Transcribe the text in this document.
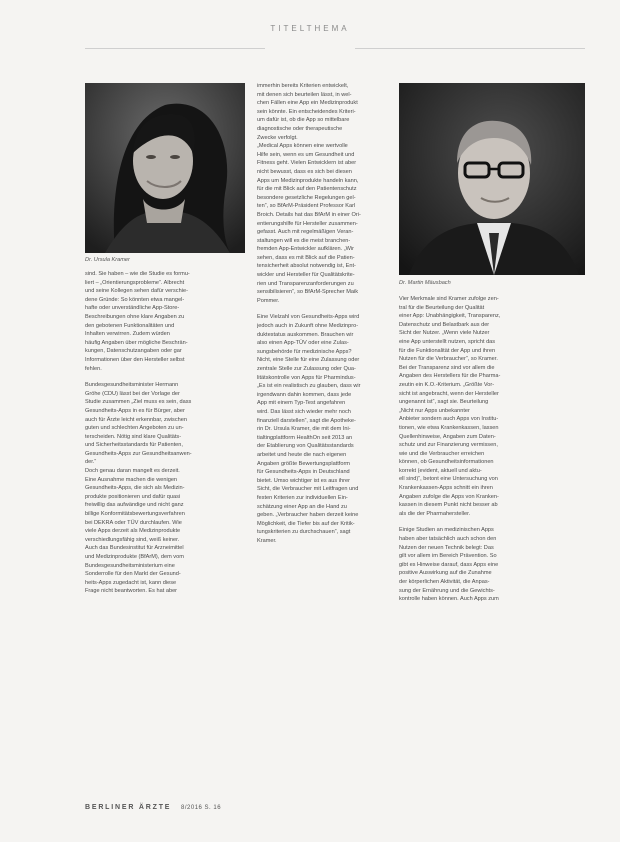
TITELTHEMA
Dr. Ursula Kramer
Dr. Martin Mäusbach

sind. Sie haben – wie die Studie es formu-
liert – „Orientierungsprobleme“. Albrecht
und seine Kollegen sehen dafür verschie-
dene Gründe: So könnten etwa mangel-
hafte oder unverständliche App-Store-
Beschreibungen ohne klare Angaben zu
den gebotenen Funktionalitäten und
Inhalten verwirren. Zudem würden
häufig Angaben über mögliche Beschrän-
kungen, Datenschutzangaben oder gar
Informationen über den Hersteller selbst
fehlen.

Bundesgesundheitsminister Hermann
Gröhe (CDU) lässt bei der Vorlage der
Studie zusammen „Ziel muss es sein, dass
Gesundheits-Apps in es für Bürger, aber
auch für Ärzte leicht erkennbar, zwischen
guten und schlechten Angeboten zu un-
terscheiden. Nötig sind klare Qualitäts-
und Sicherheitsstandards für Patienten,
Gesundheits-Apps zur Gesundheitsanwen-
der.“
Doch genau daran mangelt es derzeit.
Eine Ausnahme machen die wenigen
Gesundheits-Apps, die sich als Medizin-
produkte positionieren und dafür quasi
freiwillig das aufwändige und nicht ganz
billige Konformitätsbewertungsverfahren
bei DEKRA oder TÜV durchlaufen. Wie
viele Apps derzeit als Medizinprodukte
verschiedlungsfähig sind, weiß keiner.
Auch das Bundesinstitut für Arzneimittel
und Medizinprodukte (BfArM), dem vom
Bundesgesundheitsministerium eine
Sonderrolle für den Markt der Gesund-
heits-Apps zugedacht ist, kann diese
Frage nicht beantworten. Es hat aber

immerhin bereits Kriterien entwickelt,
mit denen sich beurteilen lässt, in wel-
chen Fällen eine App ein Medizinprodukt
sein könnte. Ein entscheidendes Kriteri-
um dafür ist, ob die App so mittelbare
diagnostische oder therapeutische
Zwecke verfolgt.
„Medical Apps können eine wertvolle
Hilfe sein, wenn es um Gesundheit und
Fitness geht. Vielen Entwicklern ist aber
nicht bewusst, dass es sich bei diesen
Apps um Medizinprodukte handeln kann,
für die mit Blick auf den Patientenschutz
besondere gesetzliche Regelungen gel-
ten“, so BfArM-Präsident Professor Karl
Broich. Details hat das BfArM in einer Ori-
entierungshilfe für Hersteller zusammen-
gefasst. Auch mit regelmäßigen Veran-
staltungen will es die meist branchen-
fremden App-Entwickler aufklären. „Wir
sehen, dass es mit Blick auf die Patien-
tensicherheit absolut notwendig ist, Ent-
wickler und Hersteller für Qualitätskrite-
rien und Transparenzanforderungen zu
sensibilisieren“, so BfArM-Sprecher Maik
Pommer.

Eine Vielzahl von Gesundheits-Apps wird
jedoch auch in Zukunft ohne Medizinpro-
duktestatus auskommen. Brauchen wir
also einen App-TÜV oder eine Zulas-
sungsbehörde für medizinische Apps?
Nicht, eine Stelle für eine Zulassung oder
zentrale Stelle zur Zulassung oder Qua-
litätskontrolle von Apps für Pharmindus-
„Es ist ein realistisch zu glauben, dass wir
irgendwann dahin kommen, dass jede
App mit einem Typ-Test angefahren
wird. Das lässt sich wieder mehr noch
finanziell darstellen“, sagt die Apotheke-
rin Dr. Ursula Kramer, die mit dem Ini-
tialtingplattform HealthOn seit 2013 an
der Etablierung von Qualitätsstandards
arbeitet und heute die nach eigenen
Angaben größte Bewertungsplattform
für Gesundheits-Apps in Deutschland
bietet. Umso wichtiger ist es aus ihrer
Sicht, die Verbraucher mit Leitfragen und
festen Kriterien zur individuellen Ein-
schätzung einer App an die Hand zu
geben. „Verbraucher haben derzeit keine
Möglichkeit, die Tiefer bis auf der Kritik-
tungskriterien zu durchschauen“, sagt
Kramer.

Vier Merkmale sind Kramer zufolge zen-
tral für die Beurteilung der Qualität
einer App: Unabhängigkeit, Transparenz,
Datenschutz und Belastbark aus der
Sicht der Nutzer. „Wenn viele Nutzer
eine App unterstellt nutzen, spricht das
für die Funktionalität der App und ihren
Nutzen für die Verbraucher“, so Kramer.
Bei der Transparenz sind vor allem die
Angaben des Herstellers für die Pharma-
zeutin ein K.O.-Kriterium. „Größte Vor-
sicht ist angebracht, wenn der Hersteller
ungenannt ist“, sagt sie. Beurteilung
„Nicht nur Apps unbekannter
Anbieter sondern auch Apps von Institu-
tionen, wie etwa Krankenkassen, lassen
Quellenhinweise, Angaben zum Daten-
schutz und zur Finanzierung vermissen,
wie und die Verbraucher erreichen
können, ob Gesundheitsinformationen
korrekt (evident, aktuell und aktu-
ell sind)“, betont eine Untersuchung von
Krankenkassen-Apps schnitt ein ihren
Angaben zufolge die Apps von Kranken-
kassen in diesem Punkt nicht besser ab
als die der Pharmahersteller.

Einige Studien an medizinischen Apps
haben aber tatsächlich auch schon den
Nutzen der neuen Technik belegt: Das
gilt vor allem im Bereich Prävention. So
gibt es Hinweise darauf, dass Apps eine
positive Auswirkung auf die Zunahme
der körperlichen Aktivität, die Anpas-
sung der Ernährung und die Gewichts-
kontrolle haben können. Auch Apps zum

BERLINER ÄRZTE 8/2016 S. 16
